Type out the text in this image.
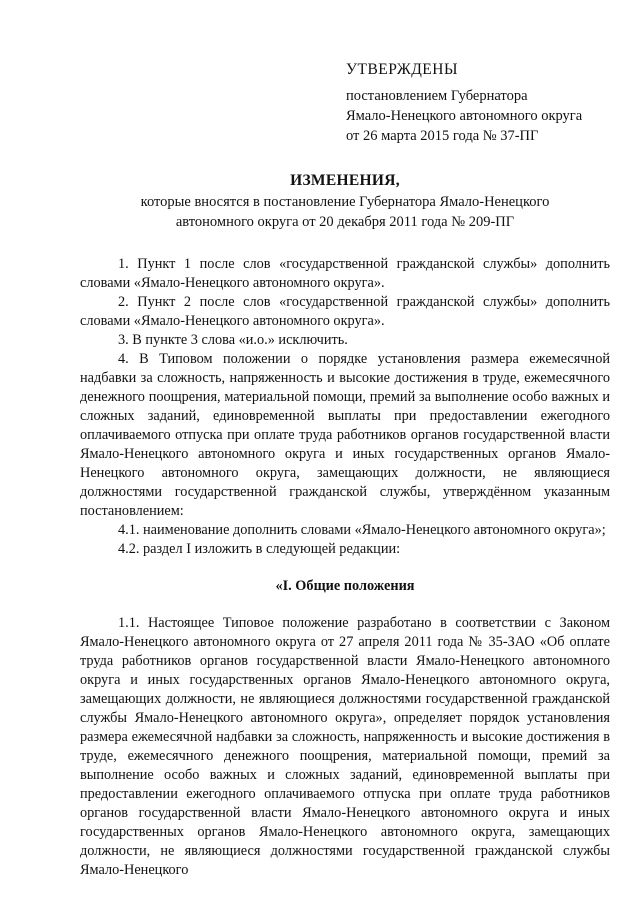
УТВЕРЖДЕНЫ
постановлением Губернатора
Ямало-Ненецкого автономного округа
от 26 марта 2015 года № 37-ПГ
ИЗМЕНЕНИЯ,
которые вносятся в постановление Губернатора Ямало-Ненецкого
автономного округа от 20 декабря 2011 года № 209-ПГ

1. Пункт 1 после слов «государственной гражданской службы» дополнить словами «Ямало-Ненецкого автономного округа».

2. Пункт 2 после слов «государственной гражданской службы» дополнить словами «Ямало-Ненецкого автономного округа».

3. В пункте 3 слова «и.о.» исключить.

4. В Типовом положении о порядке установления размера ежемесячной надбавки за сложность, напряженность и высокие достижения в труде, ежемесячного денежного поощрения, материальной помощи, премий за выполнение особо важных и сложных заданий, единовременной выплаты при предоставлении ежегодного оплачиваемого отпуска при оплате труда работников органов государственной власти Ямало-Ненецкого автономного округа и иных государственных органов Ямало-Ненецкого автономного округа, замещающих должности, не являющиеся должностями государственной гражданской службы, утверждённом указанным постановлением:

4.1. наименование дополнить словами «Ямало-Ненецкого автономного округа»;

4.2. раздел I изложить в следующей редакции:

«I. Общие положения

1.1. Настоящее Типовое положение разработано в соответствии с Законом Ямало-Ненецкого автономного округа от 27 апреля 2011 года № 35-ЗАО «Об оплате труда работников органов государственной власти Ямало-Ненецкого автономного округа и иных государственных органов Ямало-Ненецкого автономного округа, замещающих должности, не являющиеся должностями государственной гражданской службы Ямало-Ненецкого автономного округа», определяет порядок установления размера ежемесячной надбавки за сложность, напряженность и высокие достижения в труде, ежемесячного денежного поощрения, материальной помощи, премий за выполнение особо важных и сложных заданий, единовременной выплаты при предоставлении ежегодного оплачиваемого отпуска при оплате труда работников органов государственной власти Ямало-Ненецкого автономного округа и иных государственных органов Ямало-Ненецкого автономного округа, замещающих должности, не являющиеся должностями государственной гражданской службы Ямало-Ненецкого
